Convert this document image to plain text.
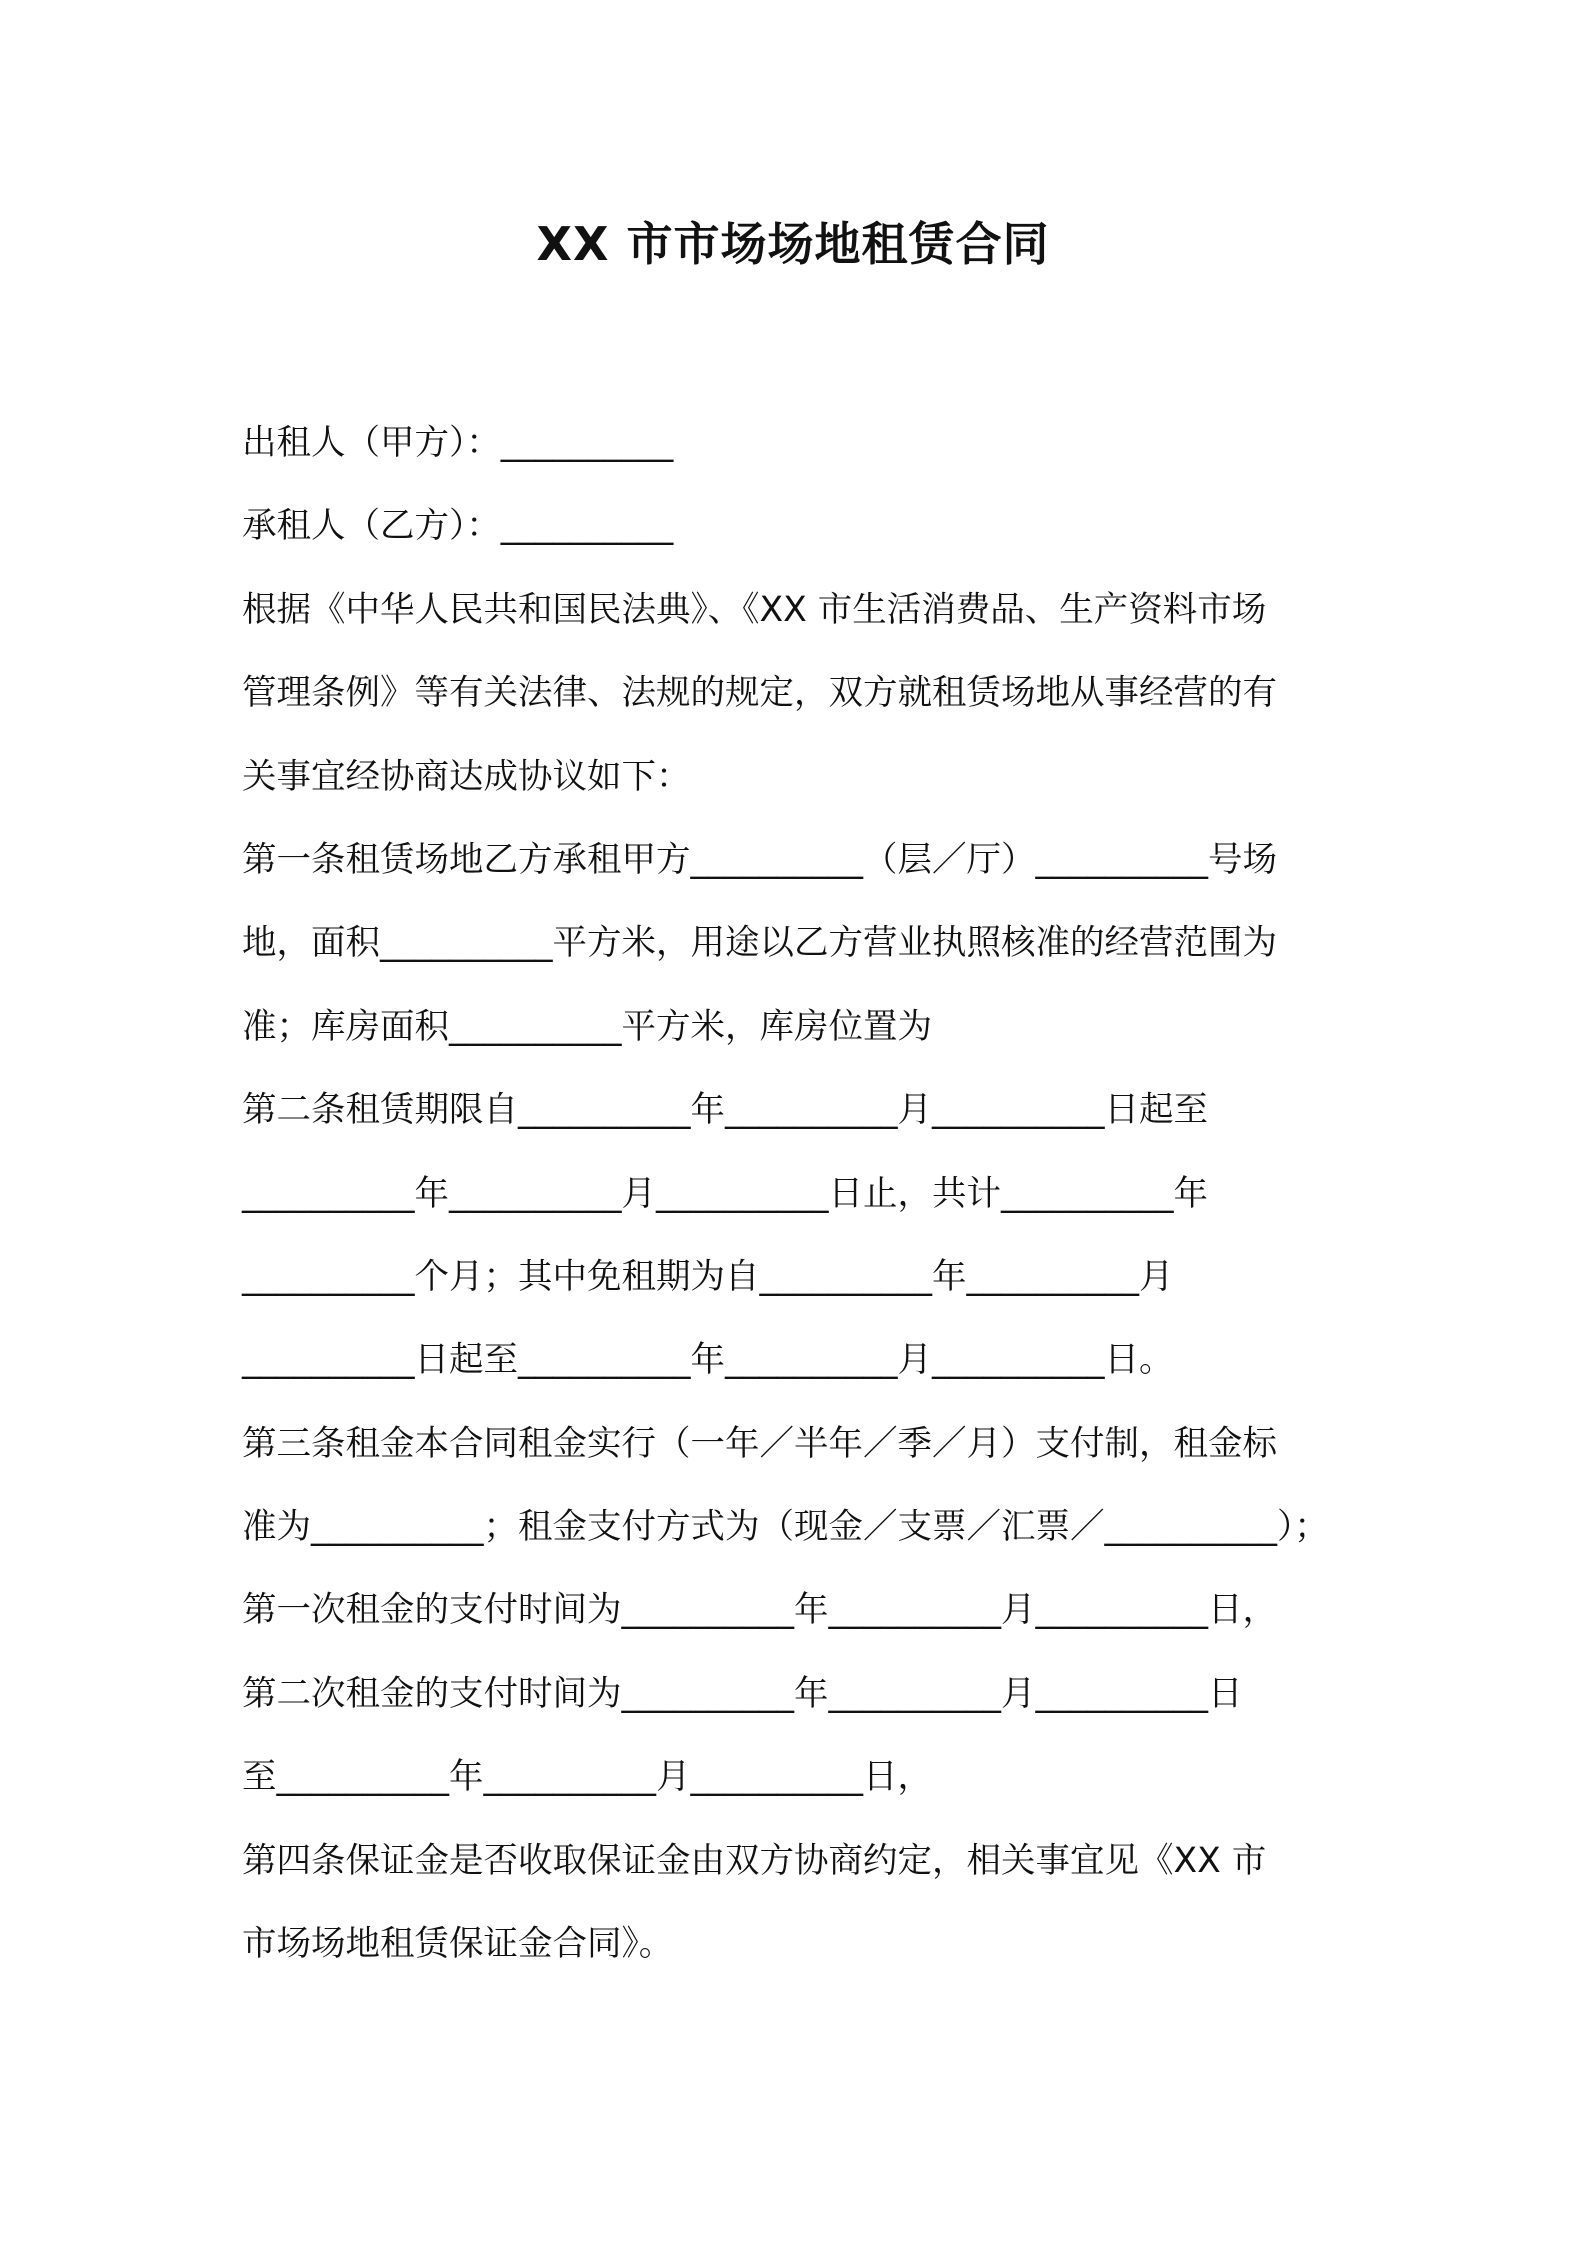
XX 市市场场地租赁合同
出租人（甲方）：__________
承租人（乙方）：__________
根据《中华人民共和国民法典》、《XX 市生活消费品、生产资料市场
管理条例》等有关法律、法规的规定，双方就租赁场地从事经营的有
关事宜经协商达成协议如下：
第一条租赁场地乙方承租甲方__________（层／厅）__________号场
地，面积__________平方米，用途以乙方营业执照核准的经营范围为
准；库房面积__________平方米，库房位置为
第二条租赁期限自__________年__________月__________日起至
__________年__________月__________日止，共计__________年
__________个月；其中免租期为自__________年__________月
__________日起至__________年__________月__________日。
第三条租金本合同租金实行（一年／半年／季／月）支付制，租金标
准为__________；租金支付方式为（现金／支票／汇票／__________）；
第一次租金的支付时间为__________年__________月__________日，
第二次租金的支付时间为__________年__________月__________日
至__________年__________月__________日，
第四条保证金是否收取保证金由双方协商约定，相关事宜见《XX 市
市场场地租赁保证金合同》。
